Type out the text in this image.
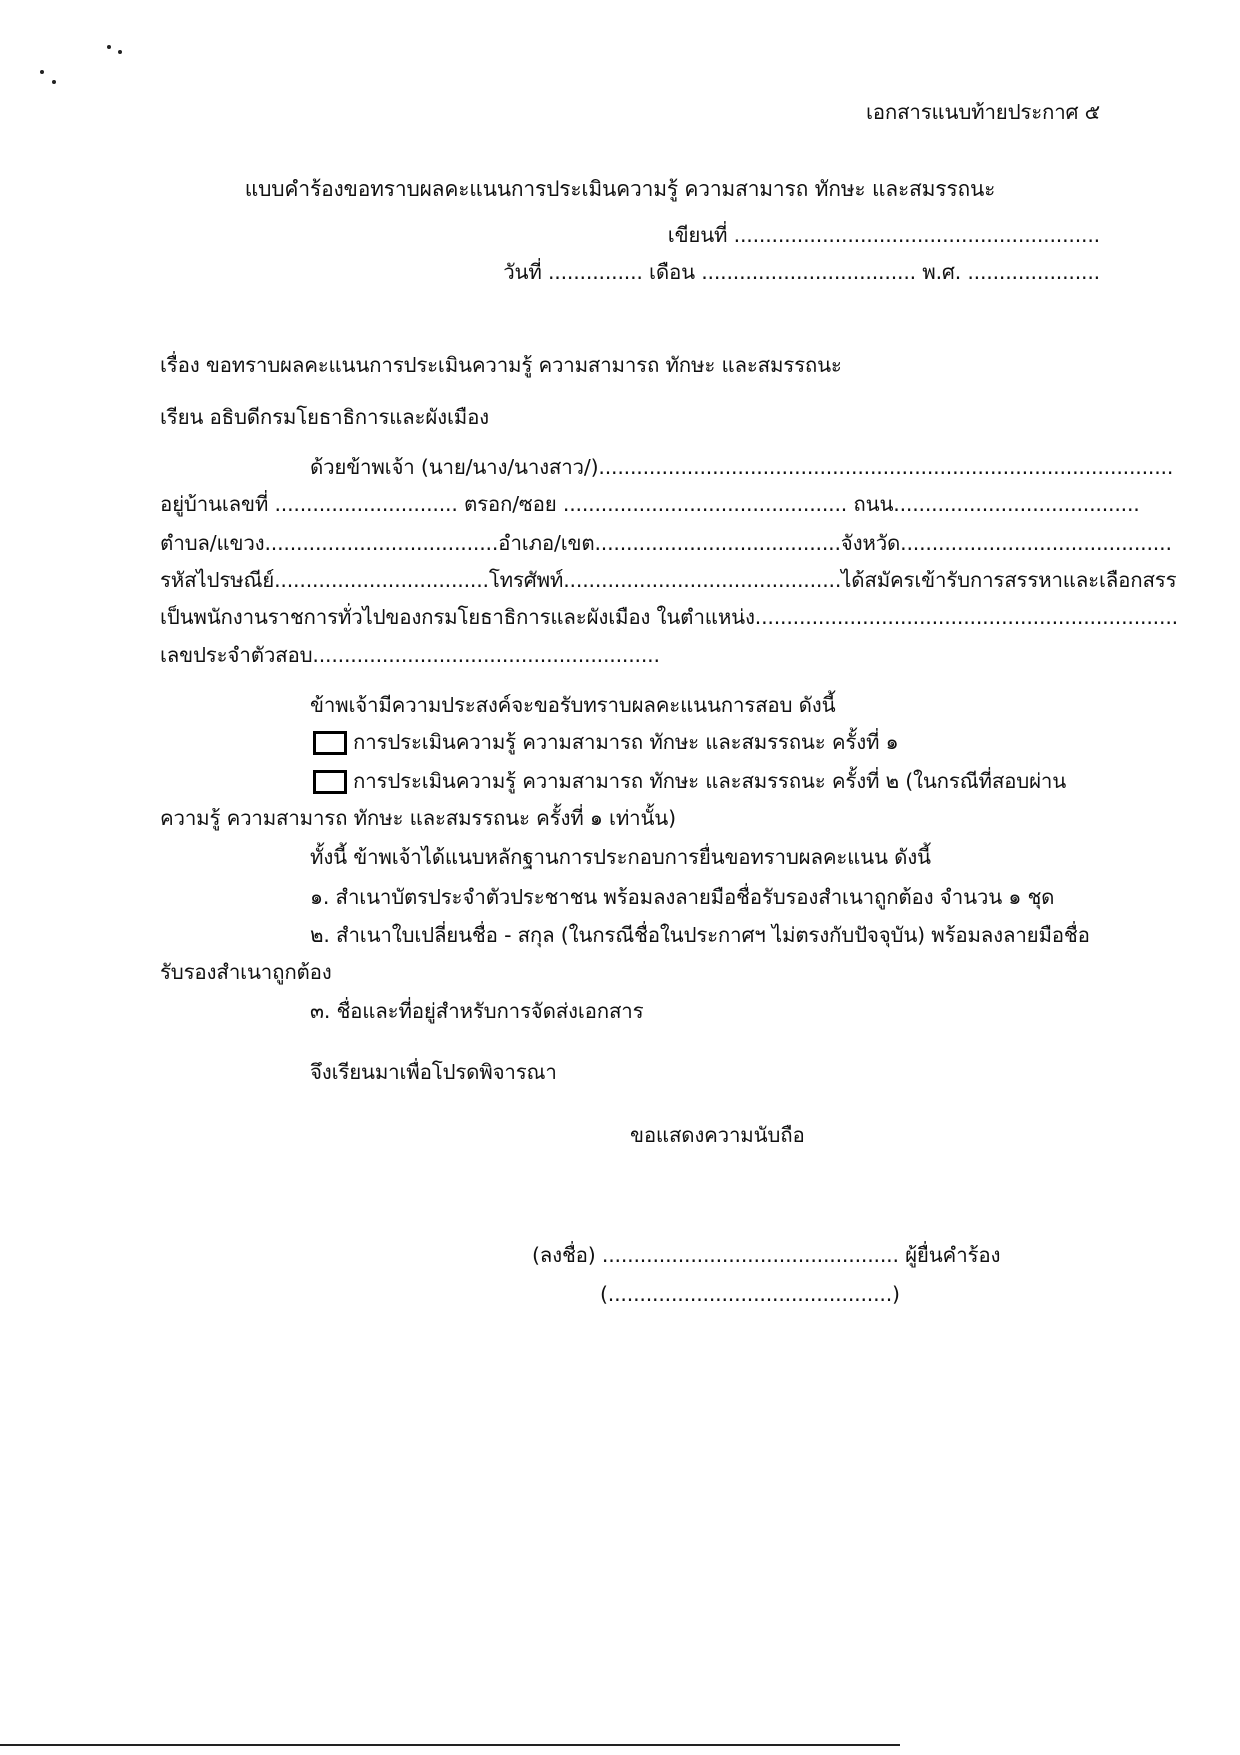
เอกสารแนบท้ายประกาศ ๕
แบบคำร้องขอทราบผลคะแนนการประเมินความรู้ ความสามารถ ทักษะ และสมรรถนะ
เขียนที่ ..........................................................
วันที่ ............... เดือน .................................. พ.ศ. .....................
เรื่อง ขอทราบผลคะแนนการประเมินความรู้ ความสามารถ ทักษะ และสมรรถนะ
เรียน อธิบดีกรมโยธาธิการและผังเมือง
ด้วยข้าพเจ้า (นาย/นาง/นางสาว/)...........................................................................................
อยู่บ้านเลขที่ ............................. ตรอก/ซอย ............................................. ถนน.......................................
ตำบล/แขวง.....................................อำเภอ/เขต.......................................จังหวัด...........................................
รหัสไปรษณีย์..................................โทรศัพท์............................................ได้สมัครเข้ารับการสรรหาและเลือกสรร
เป็นพนักงานราชการทั่วไปของกรมโยธาธิการและผังเมือง ในตำแหน่ง...................................................................
เลขประจำตัวสอบ.......................................................
ข้าพเจ้ามีความประสงค์จะขอรับทราบผลคะแนนการสอบ ดังนี้
การประเมินความรู้ ความสามารถ ทักษะ และสมรรถนะ ครั้งที่ ๑
การประเมินความรู้ ความสามารถ ทักษะ และสมรรถนะ ครั้งที่ ๒ (ในกรณีที่สอบผ่าน
ความรู้ ความสามารถ ทักษะ และสมรรถนะ ครั้งที่ ๑ เท่านั้น)
ทั้งนี้ ข้าพเจ้าได้แนบหลักฐานการประกอบการยื่นขอทราบผลคะแนน ดังนี้
๑. สำเนาบัตรประจำตัวประชาชน พร้อมลงลายมือชื่อรับรองสำเนาถูกต้อง จำนวน ๑ ชุด
๒. สำเนาใบเปลี่ยนชื่อ - สกุล (ในกรณีชื่อในประกาศฯ ไม่ตรงกับปัจจุบัน) พร้อมลงลายมือชื่อ
รับรองสำเนาถูกต้อง
๓. ชื่อและที่อยู่สำหรับการจัดส่งเอกสาร
จึงเรียนมาเพื่อโปรดพิจารณา
ขอแสดงความนับถือ
(ลงชื่อ) ............................................... ผู้ยื่นคำร้อง
(.............................................)
